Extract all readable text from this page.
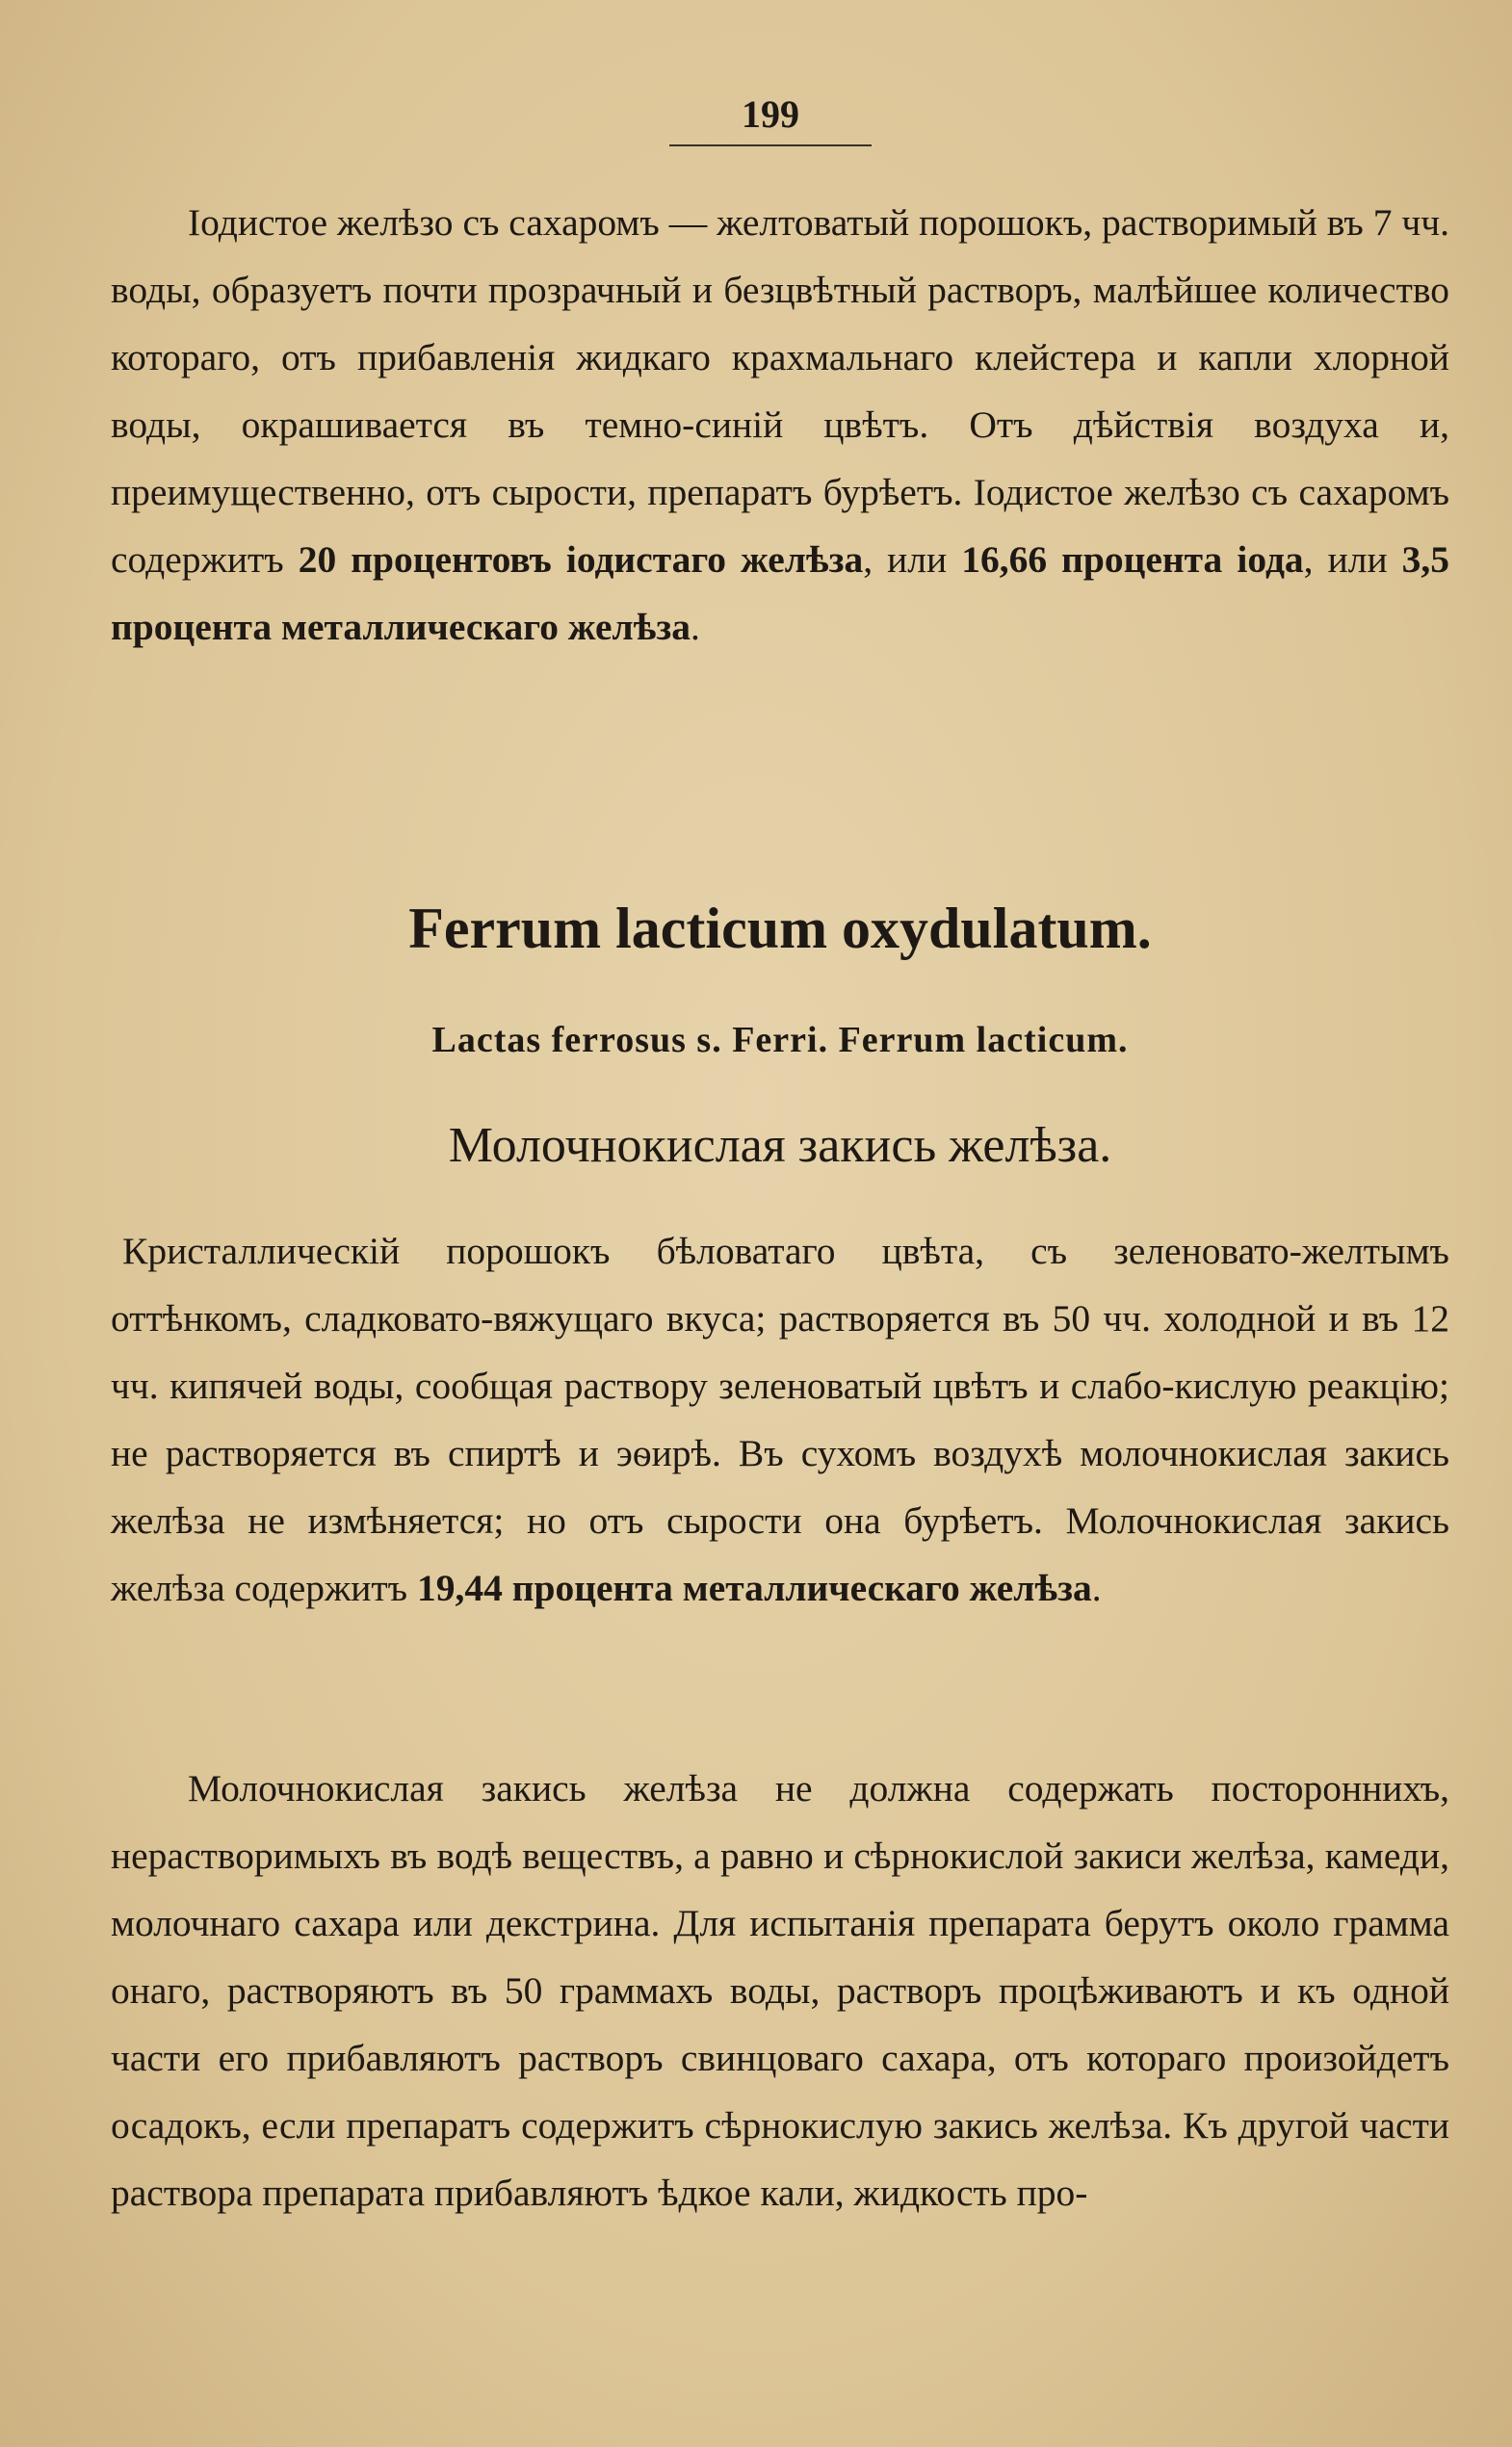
199

Іодистое желѣзо съ сахаромъ — желтоватый порошокъ, растворимый въ 7 чч. воды, образуетъ почти прозрачный и безцвѣтный растворъ, малѣйшее количество котораго, отъ прибавленія жидкаго крахмальнаго клейстера и капли хлорной воды, окрашивается въ темно-синій цвѣтъ. Отъ дѣйствія воздуха и, преимущественно, отъ сырости, препаратъ бурѣетъ. Іодистое желѣзо съ сахаромъ содержитъ 20 процентовъ іодистаго желѣза, или 16,66 процента іода, или 3,5 процента металлическаго желѣза.

Ferrum lacticum oxydulatum.
Lactas ferrosus s. Ferri. Ferrum lacticum.
Молочнокислая закись желѣза.

Кристаллическій порошокъ бѣловатаго цвѣта, съ зеленовато-желтымъ оттѣнкомъ, сладковато-вяжущаго вкуса; растворяется въ 50 чч. холодной и въ 12 чч. кипячей воды, сообщая раствору зеленоватый цвѣтъ и слабо-кислую реакцію; не растворяется въ спиртѣ и эѳирѣ. Въ сухомъ воздухѣ молочнокислая закись желѣза не измѣняется; но отъ сырости она бурѣетъ. Молочнокислая закись желѣза содержитъ 19,44 процента металлическаго желѣза.

Молочнокислая закись желѣза не должна содержать постороннихъ, нерастворимыхъ въ водѣ веществъ, а равно и сѣрнокислой закиси желѣза, камеди, молочнаго сахара или декстрина. Для испытанія препарата берутъ около грамма онаго, растворяютъ въ 50 граммахъ воды, растворъ процѣживаютъ и къ одной части его прибавляютъ растворъ свинцоваго сахара, отъ котораго произойдетъ осадокъ, если препаратъ содержитъ сѣрнокислую закись желѣза. Къ другой части раствора препарата прибавляютъ ѣдкое кали, жидкость про-
